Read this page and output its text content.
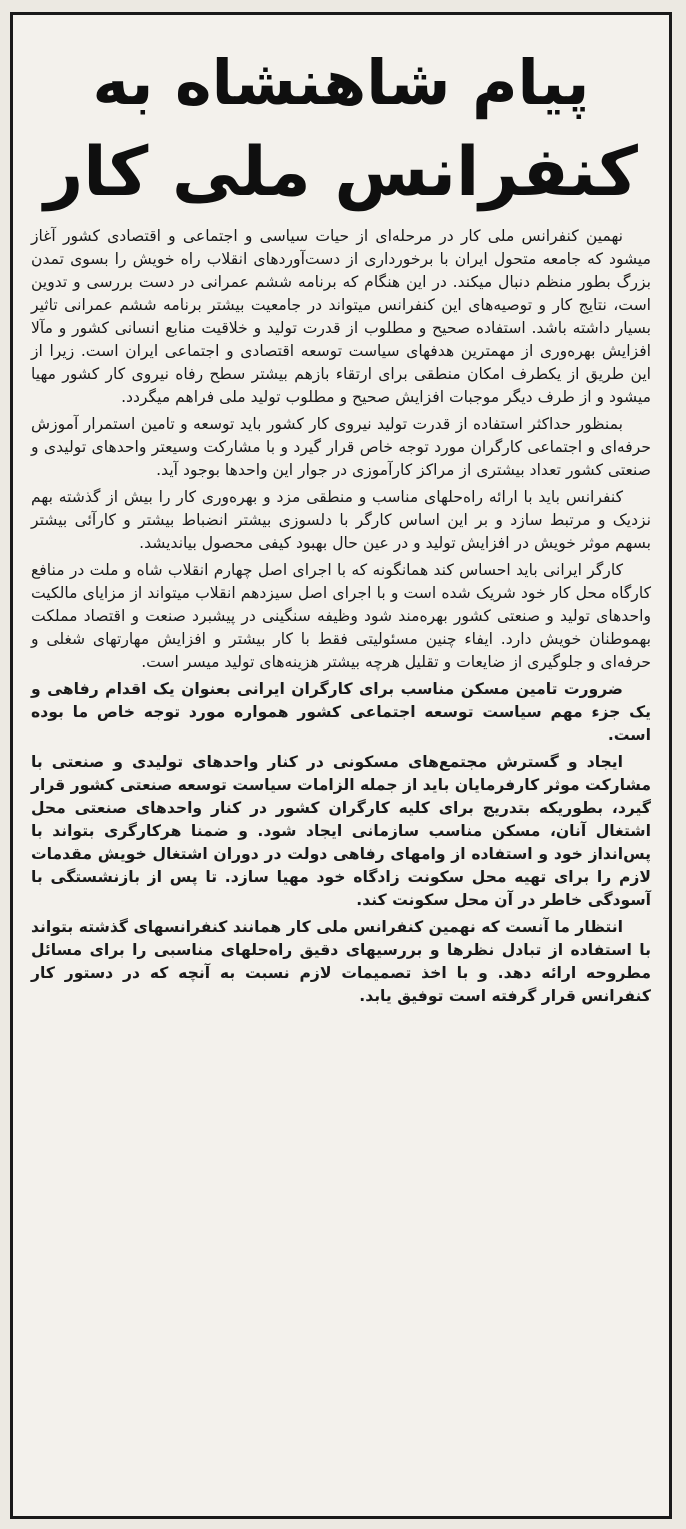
پیام شاهنشاه به
کنفرانس ملی کار

نهمین کنفرانس ملی کار در مرحله‌ای از حیات سیاسی و اجتماعی و اقتصادی کشور آغاز میشود که جامعه متحول ایران با برخورداری از دست‌آوردهای انقلاب راه خویش را بسوی تمدن بزرگ بطور منظم دنبال میکند. در این هنگام که برنامه ششم عمرانی در دست بررسی و تدوین است، نتایج کار و توصیه‌های این کنفرانس میتواند در جامعیت بیشتر برنامه ششم عمرانی تاثیر بسیار داشته باشد. استفاده صحیح و مطلوب از قدرت تولید و خلاقیت منابع انسانی کشور و مآلا افزایش بهره‌وری از مهمترین هدفهای سیاست توسعه اقتصادی و اجتماعی ایران است. زیرا از این طریق از یکطرف امکان منطقی برای ارتقاء بازهم بیشتر سطح رفاه نیروی کار کشور مهیا میشود و از طرف دیگر موجبات افزایش صحیح و مطلوب تولید ملی فراهم میگردد.

بمنظور حداکثر استفاده از قدرت تولید نیروی کار کشور باید توسعه و تامین استمرار آموزش حرفه‌ای و اجتماعی کارگران مورد توجه خاص قرار گیرد و با مشارکت وسیعتر واحدهای تولیدی و صنعتی کشور تعداد بیشتری از مراکز کارآموزی در جوار این واحدها بوجود آید.

کنفرانس باید با ارائه راه‌حلهای مناسب و منطقی مزد و بهره‌وری کار را بیش از گذشته بهم نزدیک و مرتبط سازد و بر این اساس کارگر با دلسوزی بیشتر انضباط بیشتر و کارآئی بیشتر بسهم موثر خویش در افزایش تولید و در عین حال بهبود کیفی محصول بیاندیشد.

کارگر ایرانی باید احساس کند همانگونه که با اجرای اصل چهارم انقلاب شاه و ملت در منافع کارگاه محل کار خود شریک شده است و با اجرای اصل سیزدهم انقلاب میتواند از مزایای مالکیت واحدهای تولید و صنعتی کشور بهره‌مند شود وظیفه سنگینی در پیشبرد صنعت و اقتصاد مملکت بهموطنان خویش دارد. ایفاء چنین مسئولیتی فقط با کار بیشتر و افزایش مهارتهای شغلی و حرفه‌ای و جلوگیری از ضایعات و تقلیل هرچه بیشتر هزینه‌های تولید میسر است.

ضرورت تامین مسکن مناسب برای کارگران ایرانی بعنوان یک اقدام رفاهی و یک جزء مهم سیاست توسعه اجتماعی کشور همواره مورد توجه خاص ما بوده است.

ایجاد و گسترش مجتمع‌های مسکونی در کنار واحدهای تولیدی و صنعتی با مشارکت موثر کارفرمایان باید از جمله الزامات سیاست توسعه صنعتی کشور قرار گیرد، بطوریکه بتدریج برای کلیه کارگران کشور در کنار واحدهای صنعتی محل اشتغال آنان، مسکن مناسب سازمانی ایجاد شود. و ضمنا هرکارگری بتواند با پس‌انداز خود و استفاده از وامهای رفاهی دولت در دوران اشتغال خویش مقدمات لازم را برای تهیه محل سکونت زادگاه خود مهیا سازد. تا پس از بازنشستگی با آسودگی خاطر در آن محل سکونت کند.

انتظار ما آنست که نهمین کنفرانس ملی کار همانند کنفرانسهای گذشته بتواند با استفاده از تبادل نظرها و بررسیهای دقیق راه‌حلهای مناسبی را برای مسائل مطروحه ارائه دهد. و با اخذ تصمیمات لازم نسبت به آنچه که در دستور کار کنفرانس قرار گرفته است توفیق یابد.
